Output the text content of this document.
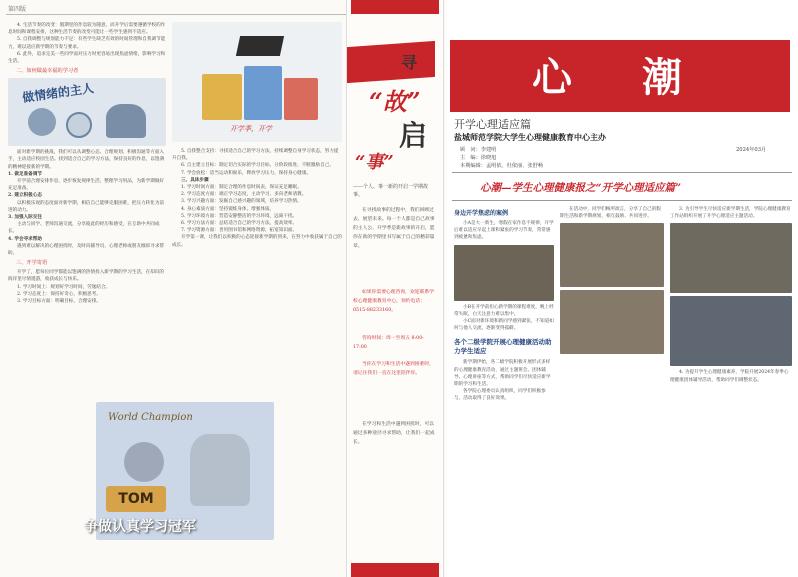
第四版

4. 生活节奏的改变：假期里的作息较为随意，而开学后需要遵循学校的作息时间和课程安排，这种生活节奏的改变可能让一些学生感到不适应。

5. 自我调整与规划能力不足：有些学生缺乏有效的时间管理和自我调节能力，难以适应新学期的节奏与要求。

6. 此外，追求完美一些同学面对压力时更容易出现焦虑情绪，影响学习和生活。

二、如何做最幸福的学习者

做情绪的主人

面对新学期的挑战，我们可以从调整心态、合理规划、积极沟通等方面入手，主动适应校园生活。找到适合自己的学习方法，保持良好的作息，以饱满的精神迎接新的学期。

1. 做足准备调节

开学前合理安排作息，逐步恢复规律生活，整理学习用品，为新学期做好充足准备。

2. 建立积极心态

以积极乐观的态度面对新学期，相信自己能够克服困难，把压力转化为前进的动力。

3. 加强人际交往

主动与同学、老师沟通交流，分享彼此的经历和感受，在互助中共同成长。

4. 学会寻求帮助

遇到难以解决的心理困扰时，及时向辅导员、心理老师或朋友倾诉寻求帮助。

三、开学寄语

开学了，愿每位同学都能以饱满的热情投入新学期的学习生活，在知识的海洋里尽情遨游，收获成长与快乐。

1. 学习时间上：规划好学习时间，劳逸结合。

2. 学习态度上：保持好奇心，积极思考。

3. 学习目标方面：明确目标，合理安排。

开学季，开学
World Champion
TOM
争做认真学习冠军

5. 自我整合支持：寻找适合自己的学习方法，持续调整自身学习状态，努力提升自我。

6. 自主建立目标：制定切合实际的学习目标，分阶段推进，不断激励自己。

7. 学会放松：适当运动和娱乐，释放学习压力，保持身心健康。

三、具体步骤

1. 学习时间方面：制定合理的作息时间表，保证充足睡眠。

2. 学习态度方面：端正学习态度，主动学习，多向老师请教。

3. 学习兴趣方面：发掘自己感兴趣的领域，培养学习热情。

4. 身心素质方面：坚持锻炼身体，增强体质。

5. 学习环境方面：营造安静整洁的学习环境，远离干扰。

6. 学习方法方面：总结适合自己的学习方法，提高效率。

7. 学习资源方面：善用图书馆和网络资源，拓宽知识面。

开学第一课，让我们以积极的心态迎接新学期的到来，在努力中收获属于自己的成长。

寻
“故”
启
“事”
——个人、事一新的开启一学期故事。
在寻找故事的过程中，我们回顾过去、展望未来。每一个人都是自己故事的主人公，开学季是新故事的开启，愿你在新的学期里书写属于自己的精彩篇章。
如果你需要心理咨询，欢迎联系学校心理健康教育中心，预约电话：0515-88233160。
咨询时间：周一至周五 8:00-17:00
当你在学习和生活中遇到困难时，请记住我们一直在这里陪伴你。
在学习和生活中遇到困扰时，可以通过多种途径寻求帮助，让我们一起成长。
心 潮
开学心理适应篇
盐城师范学院大学生心理健康教育中心主办
顾　问：李建明
主　编：徐晓旭
本期编辑：孟明依、杜依丽、张舒畅
2024年03月
心潮—学生心理健康报之“开学心理适应篇”

身边开学焦虑的案例

小A是大一新生，寒假在家作息不规律，开学后难以适应早起上课和紧张的学习节奏，常常感到疲惫和焦虑。

小B在开学前担心新学期的课程难度，晚上经常失眠，白天注意力难以集中。

小C面对新环境和新同学感到紧张，不知道如何与他人交流，逐渐变得孤僻。

各个二级学院开展心理健康活动助力学生适应

新学期伊始，各二级学院积极开展形式多样的心理健康教育活动，通过主题班会、团体辅导、心理讲座等方式，帮助同学们尽快适应新学期的学习和生活。

各学院心理委员认真组织，同学们积极参与，活动取得了良好效果。

在活动中，同学们畅所欲言，分享了自己的假期生活和新学期规划，相互鼓励、共同进步。

3. 为引导学生尽快适应新学期生活，学院心理健康教育工作站组织开展了开学心理适应主题活动。

4. 为提升学生心理健康素养，学院开展2024年春季心理健康团体辅导活动，帮助同学们调整状态。
